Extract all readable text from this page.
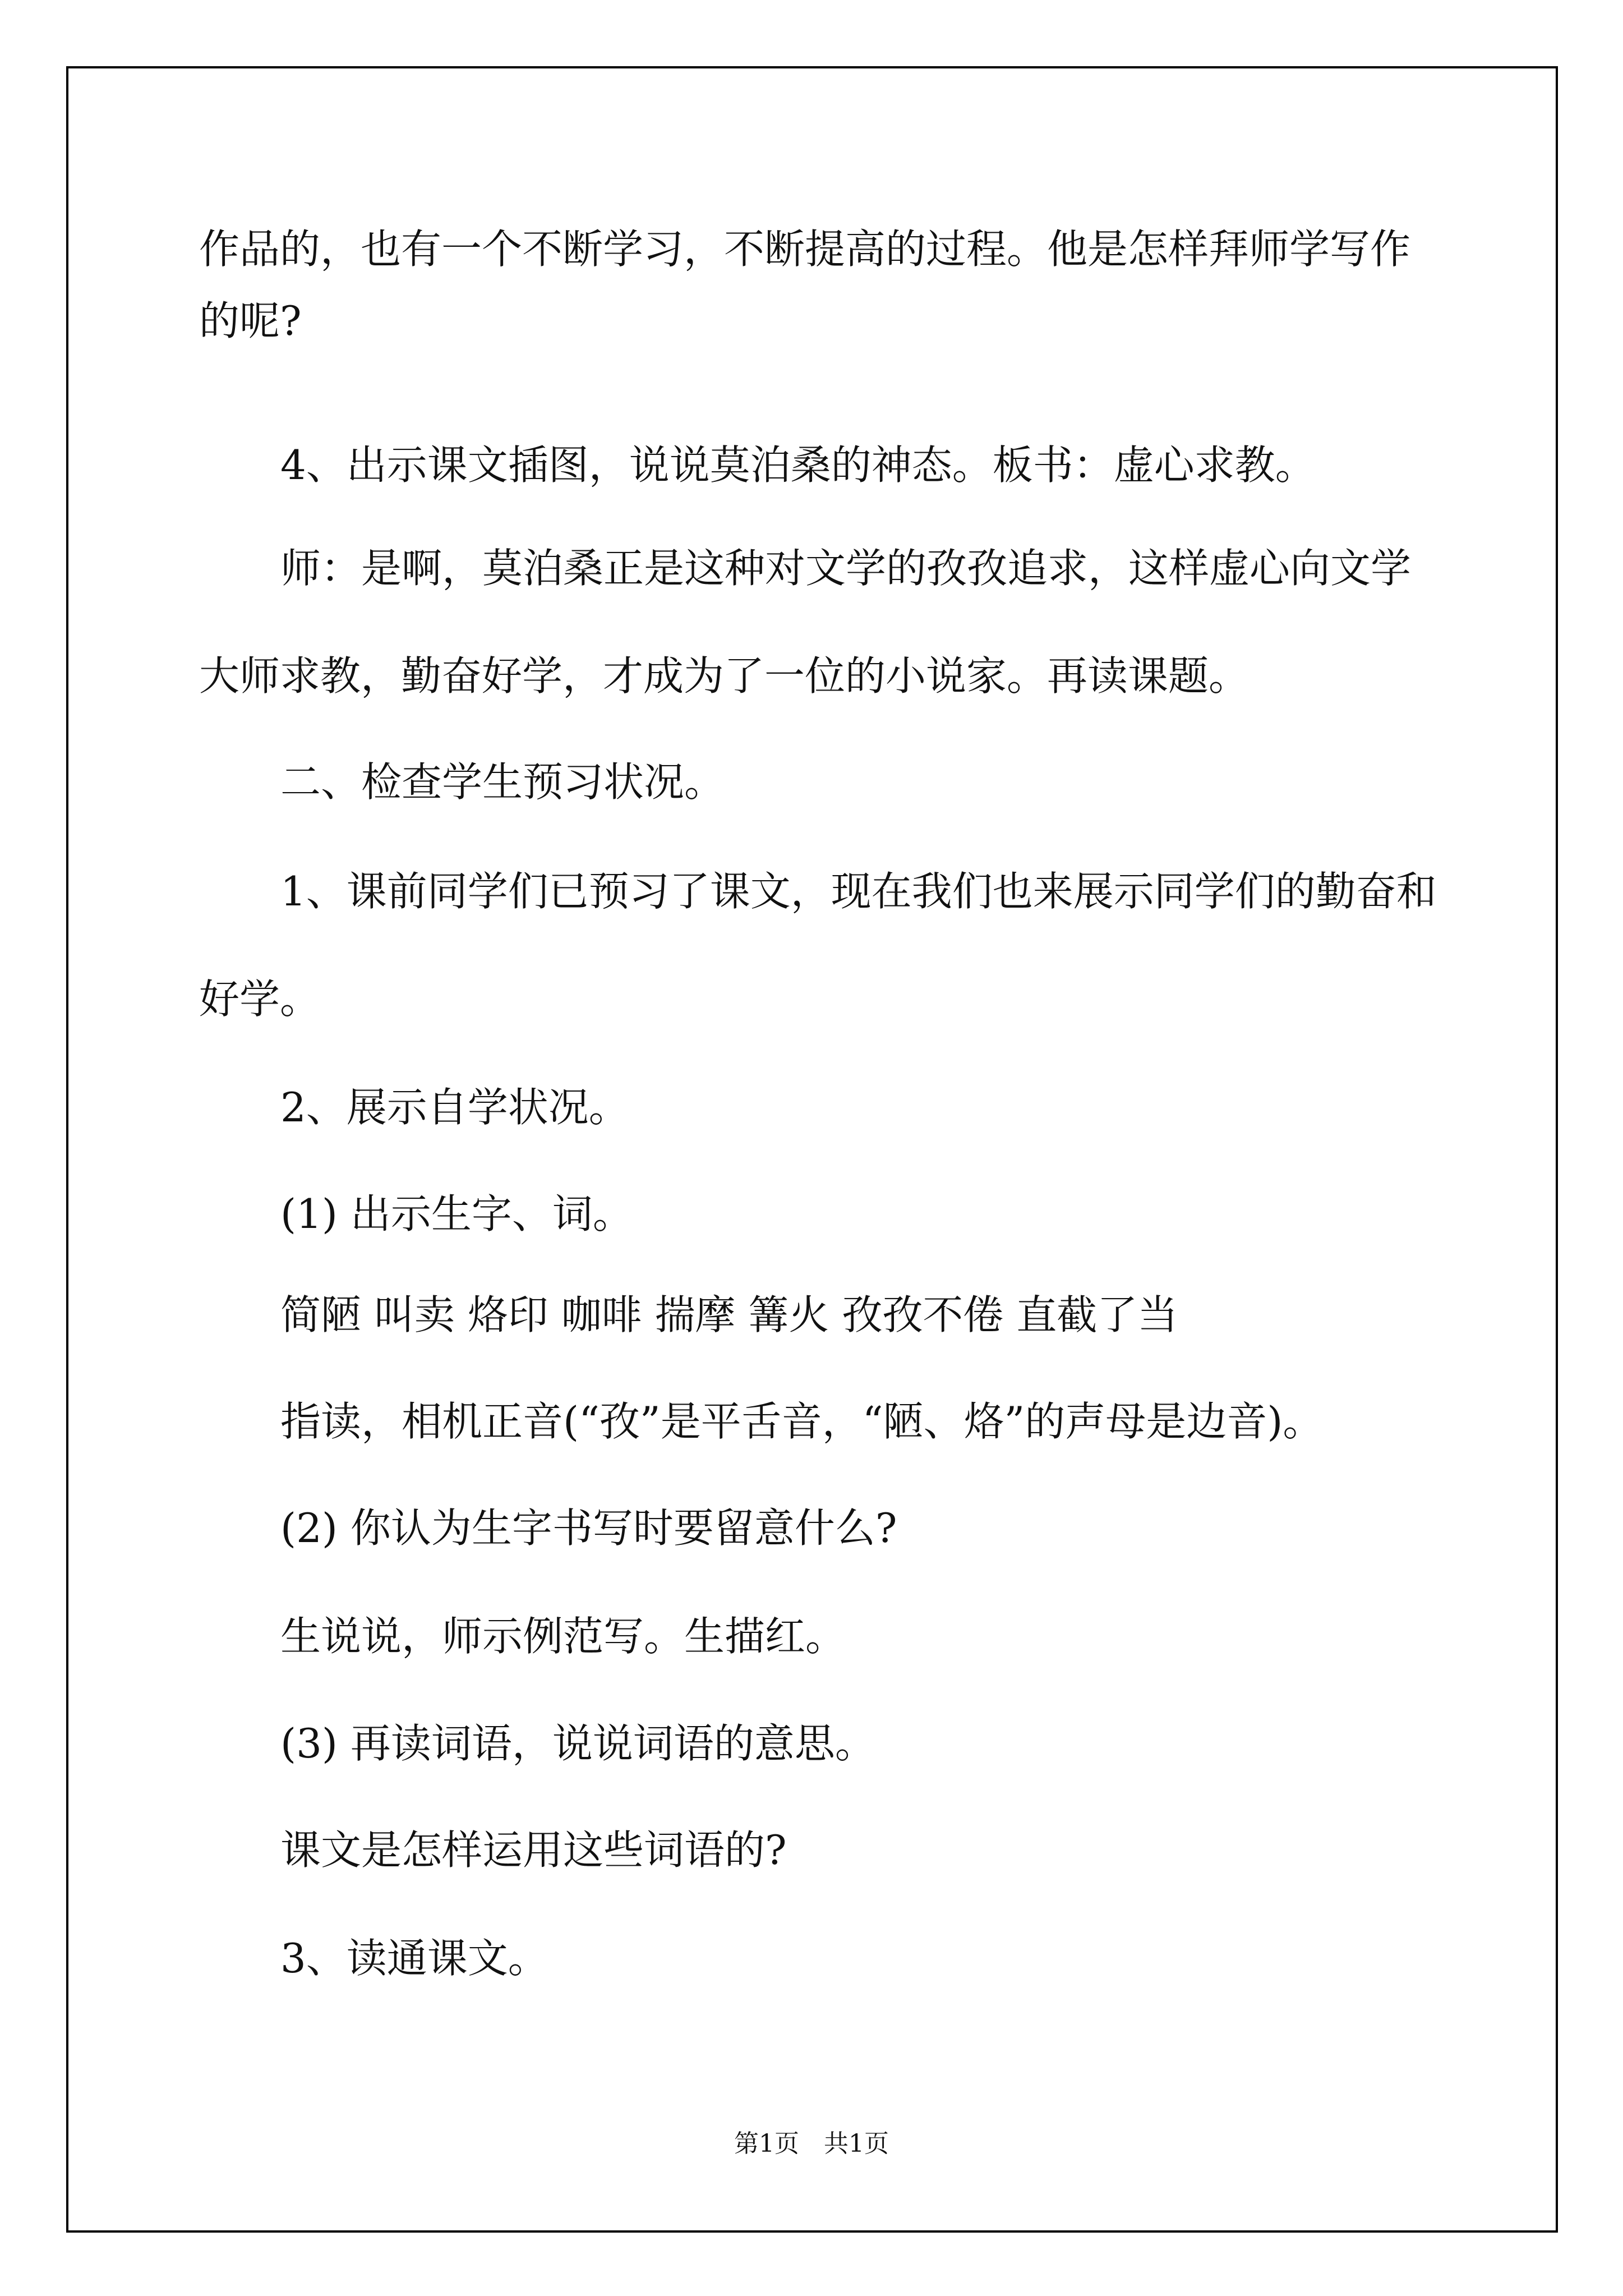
作品的，也有一个不断学习，不断提高的过程。他是怎样拜师学写作
的呢?
4、出示课文插图，说说莫泊桑的神态。板书：虚心求教。
师：是啊，莫泊桑正是这种对文学的孜孜追求，这样虚心向文学
大师求教，勤奋好学，才成为了一位的小说家。再读课题。
二、检查学生预习状况。
1、课前同学们已预习了课文，现在我们也来展示同学们的勤奋和
好学。
2、展示自学状况。
(1) 出示生字、词。
简陋 叫卖 烙印 咖啡 揣摩 篝火 孜孜不倦 直截了当
指读，相机正音(“孜”是平舌音，“陋、烙”的声母是边音)。
(2) 你认为生字书写时要留意什么?
生说说，师示例范写。生描红。
(3) 再读词语，说说词语的意思。
课文是怎样运用这些词语的?
3、读通课文。
第1页　共1页
